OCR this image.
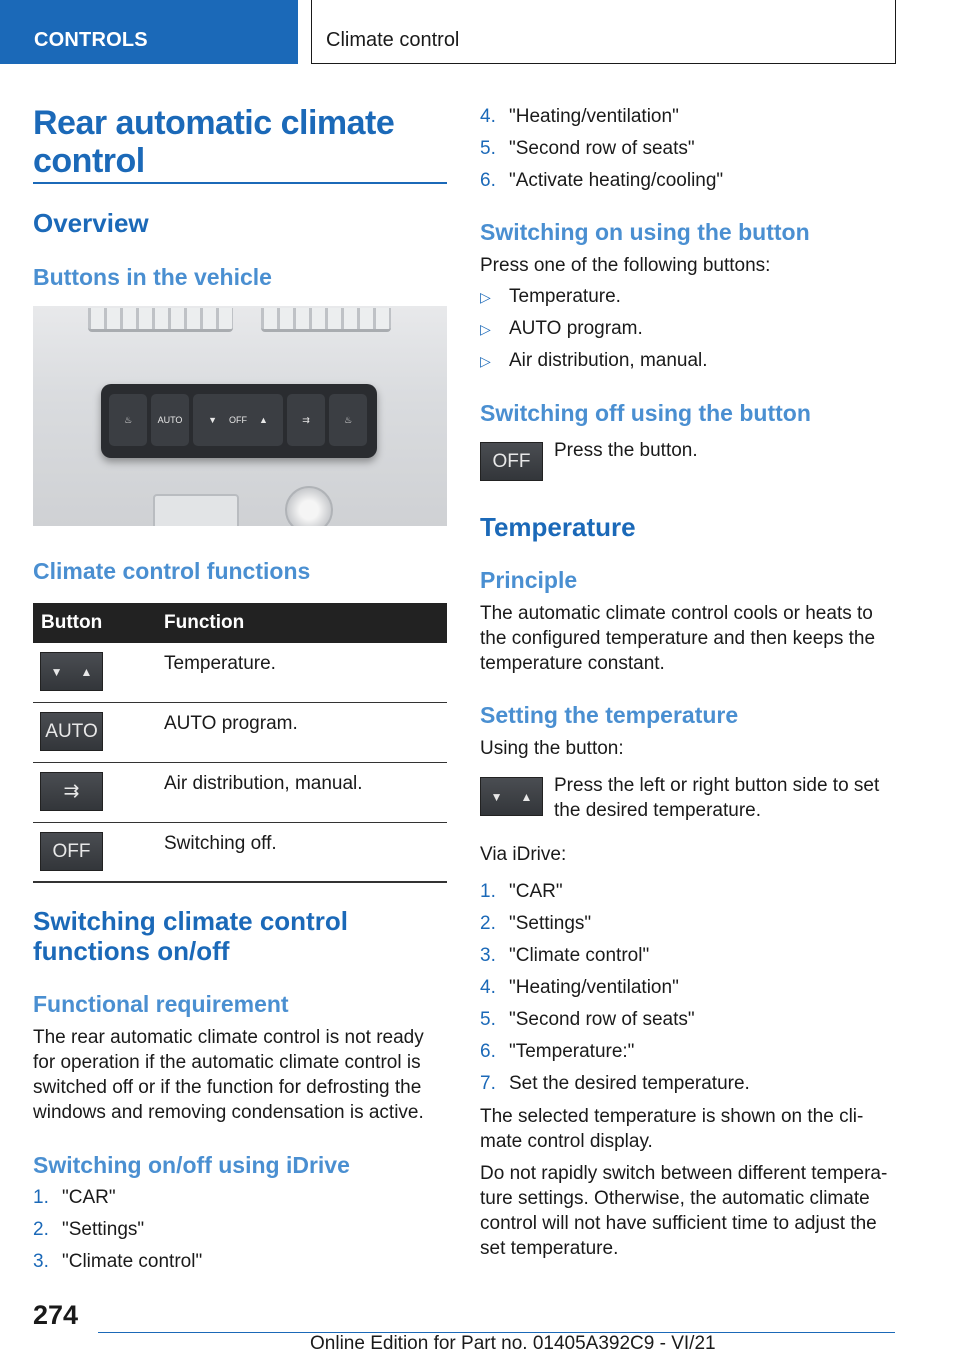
CONTROLS	Climate control
Rear automatic climate control
Overview
Buttons in the vehicle
♨	AUTO	▼ OFF ▲	⇉	♨
Climate control functions
Button	Function
▼ ▲	Temperature.
AUTO	AUTO program.
⇉	Air distribution, manual.
OFF	Switching off.
Switching climate control functions on/off
Functional requirement
The rear automatic climate control is not ready for operation if the automatic climate control is switched off or if the function for defrosting the windows and removing condensation is active.
Switching on/off using iDrive
1. "CAR"
2. "Settings"
3. "Climate control"
4. "Heating/ventilation"
5. "Second row of seats"
6. "Activate heating/cooling"
Switching on using the button
Press one of the following buttons:
▷ Temperature.
▷ AUTO program.
▷ Air distribution, manual.
Switching off using the button
OFF	Press the button.
Temperature
Principle
The automatic climate control cools or heats to the configured temperature and then keeps the temperature constant.
Setting the temperature
Using the button:
▼ ▲
Press the left or right button side to set the desired temperature.
Via iDrive:
1. "CAR"
2. "Settings"
3. "Climate control"
4. "Heating/ventilation"
5. "Second row of seats"
6. "Temperature:"
7. Set the desired temperature.
The selected temperature is shown on the cli‐mate control display.
Do not rapidly switch between different tempera‐ture settings. Otherwise, the automatic climate control will not have sufficient time to adjust the set temperature.
274
Online Edition for Part no. 01405A392C9 - VI/21
